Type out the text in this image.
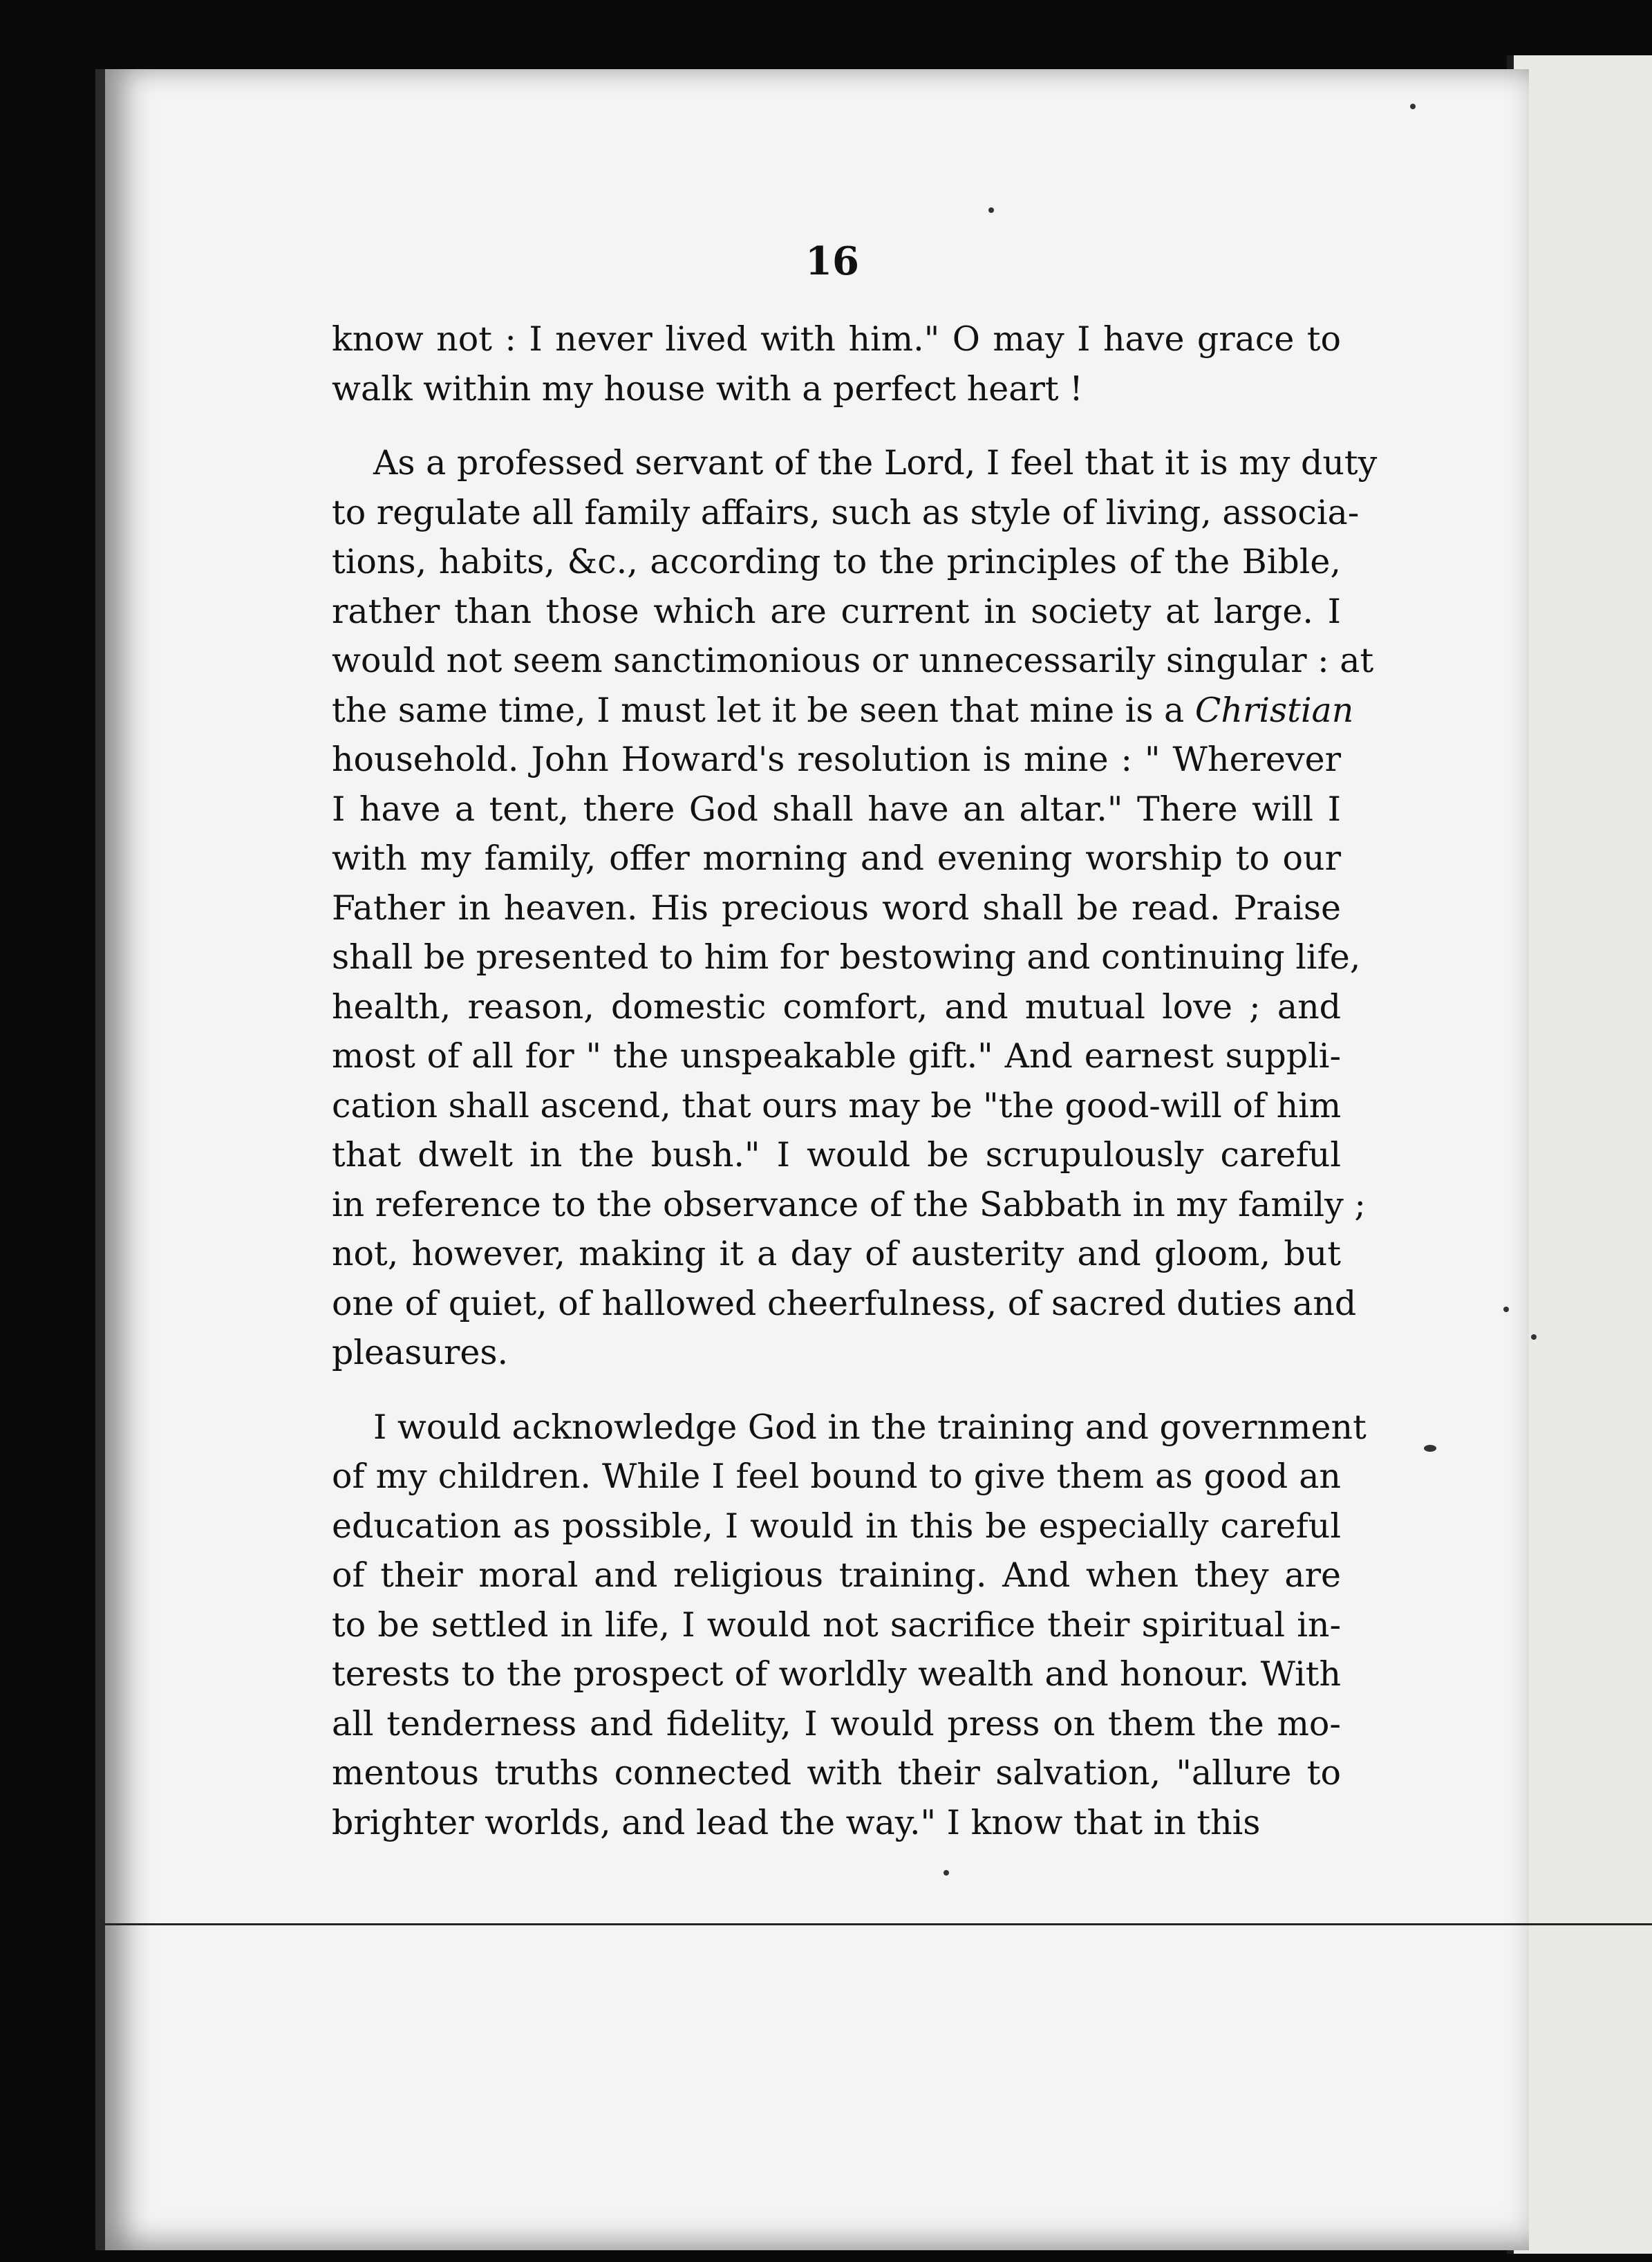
16
know not : I never lived with him." O may I have grace to
walk within my house with a perfect heart !
As a professed servant of the Lord, I feel that it is my duty
to regulate all family affairs, such as style of living, associa-
tions, habits, &c., according to the principles of the Bible,
rather than those which are current in society at large. I
would not seem sanctimonious or unnecessarily singular : at
the same time, I must let it be seen that mine is a Christian
household. John Howard's resolution is mine : " Wherever
I have a tent, there God shall have an altar." There will I
with my family, offer morning and evening worship to our
Father in heaven. His precious word shall be read. Praise
shall be presented to him for bestowing and continuing life,
health, reason, domestic comfort, and mutual love ; and
most of all for " the unspeakable gift." And earnest suppli-
cation shall ascend, that ours may be "the good-will of him
that dwelt in the bush." I would be scrupulously careful
in reference to the observance of the Sabbath in my family ;
not, however, making it a day of austerity and gloom, but
one of quiet, of hallowed cheerfulness, of sacred duties and
pleasures.
I would acknowledge God in the training and government
of my children. While I feel bound to give them as good an
education as possible, I would in this be especially careful
of their moral and religious training. And when they are
to be settled in life, I would not sacrifice their spiritual in-
terests to the prospect of worldly wealth and honour. With
all tenderness and fidelity, I would press on them the mo-
mentous truths connected with their salvation, "allure to
brighter worlds, and lead the way." I know that in this
